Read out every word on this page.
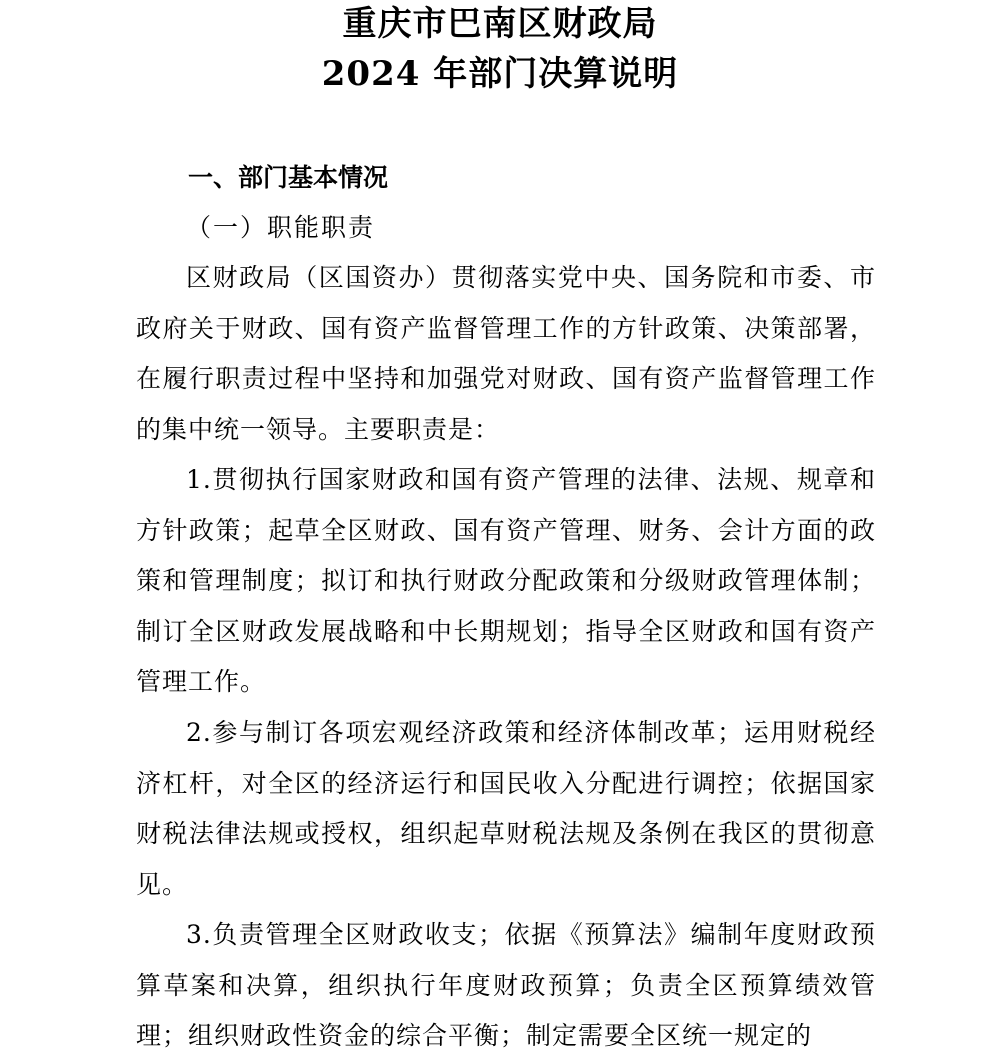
重庆市巴南区财政局
2024 年部门决算说明
一、部门基本情况
（一）职能职责

区财政局（区国资办）贯彻落实党中央、国务院和市委、市政府关于财政、国有资产监督管理工作的方针政策、决策部署，在履行职责过程中坚持和加强党对财政、国有资产监督管理工作的集中统一领导。主要职责是：

1.贯彻执行国家财政和国有资产管理的法律、法规、规章和方针政策；起草全区财政、国有资产管理、财务、会计方面的政策和管理制度；拟订和执行财政分配政策和分级财政管理体制；制订全区财政发展战略和中长期规划；指导全区财政和国有资产管理工作。

2.参与制订各项宏观经济政策和经济体制改革；运用财税经济杠杆，对全区的经济运行和国民收入分配进行调控；依据国家财税法律法规或授权，组织起草财税法规及条例在我区的贯彻意见。

3.负责管理全区财政收支；依据《预算法》编制年度财政预算草案和决算，组织执行年度财政预算；负责全区预算绩效管理；组织财政性资金的综合平衡；制定需要全区统一规定的
